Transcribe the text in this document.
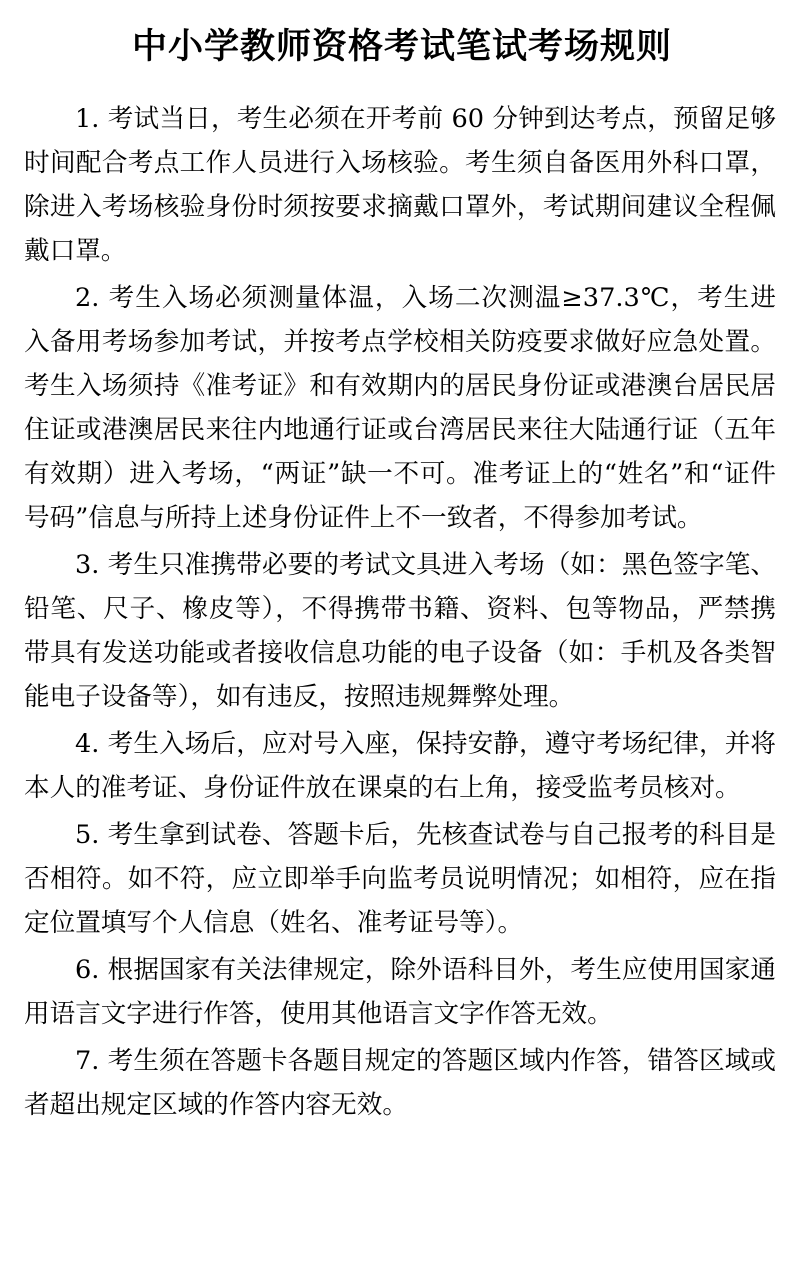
中小学教师资格考试笔试考场规则

1. 考试当日，考生必须在开考前 60 分钟到达考点，预留足够时间配合考点工作人员进行入场核验。考生须自备医用外科口罩，除进入考场核验身份时须按要求摘戴口罩外，考试期间建议全程佩戴口罩。

2. 考生入场必须测量体温，入场二次测温≥37.3℃，考生进入备用考场参加考试，并按考点学校相关防疫要求做好应急处置。考生入场须持《准考证》和有效期内的居民身份证或港澳台居民居住证或港澳居民来往内地通行证或台湾居民来往大陆通行证（五年有效期）进入考场，“两证”缺一不可。准考证上的“姓名”和“证件号码”信息与所持上述身份证件上不一致者，不得参加考试。

3. 考生只准携带必要的考试文具进入考场（如：黑色签字笔、铅笔、尺子、橡皮等），不得携带书籍、资料、包等物品，严禁携带具有发送功能或者接收信息功能的电子设备（如：手机及各类智能电子设备等），如有违反，按照违规舞弊处理。

4. 考生入场后，应对号入座，保持安静，遵守考场纪律，并将本人的准考证、身份证件放在课桌的右上角，接受监考员核对。

5. 考生拿到试卷、答题卡后，先核查试卷与自己报考的科目是否相符。如不符，应立即举手向监考员说明情况；如相符，应在指定位置填写个人信息（姓名、准考证号等）。

6. 根据国家有关法律规定，除外语科目外，考生应使用国家通用语言文字进行作答，使用其他语言文字作答无效。

7. 考生须在答题卡各题目规定的答题区域内作答，错答区域或者超出规定区域的作答内容无效。
